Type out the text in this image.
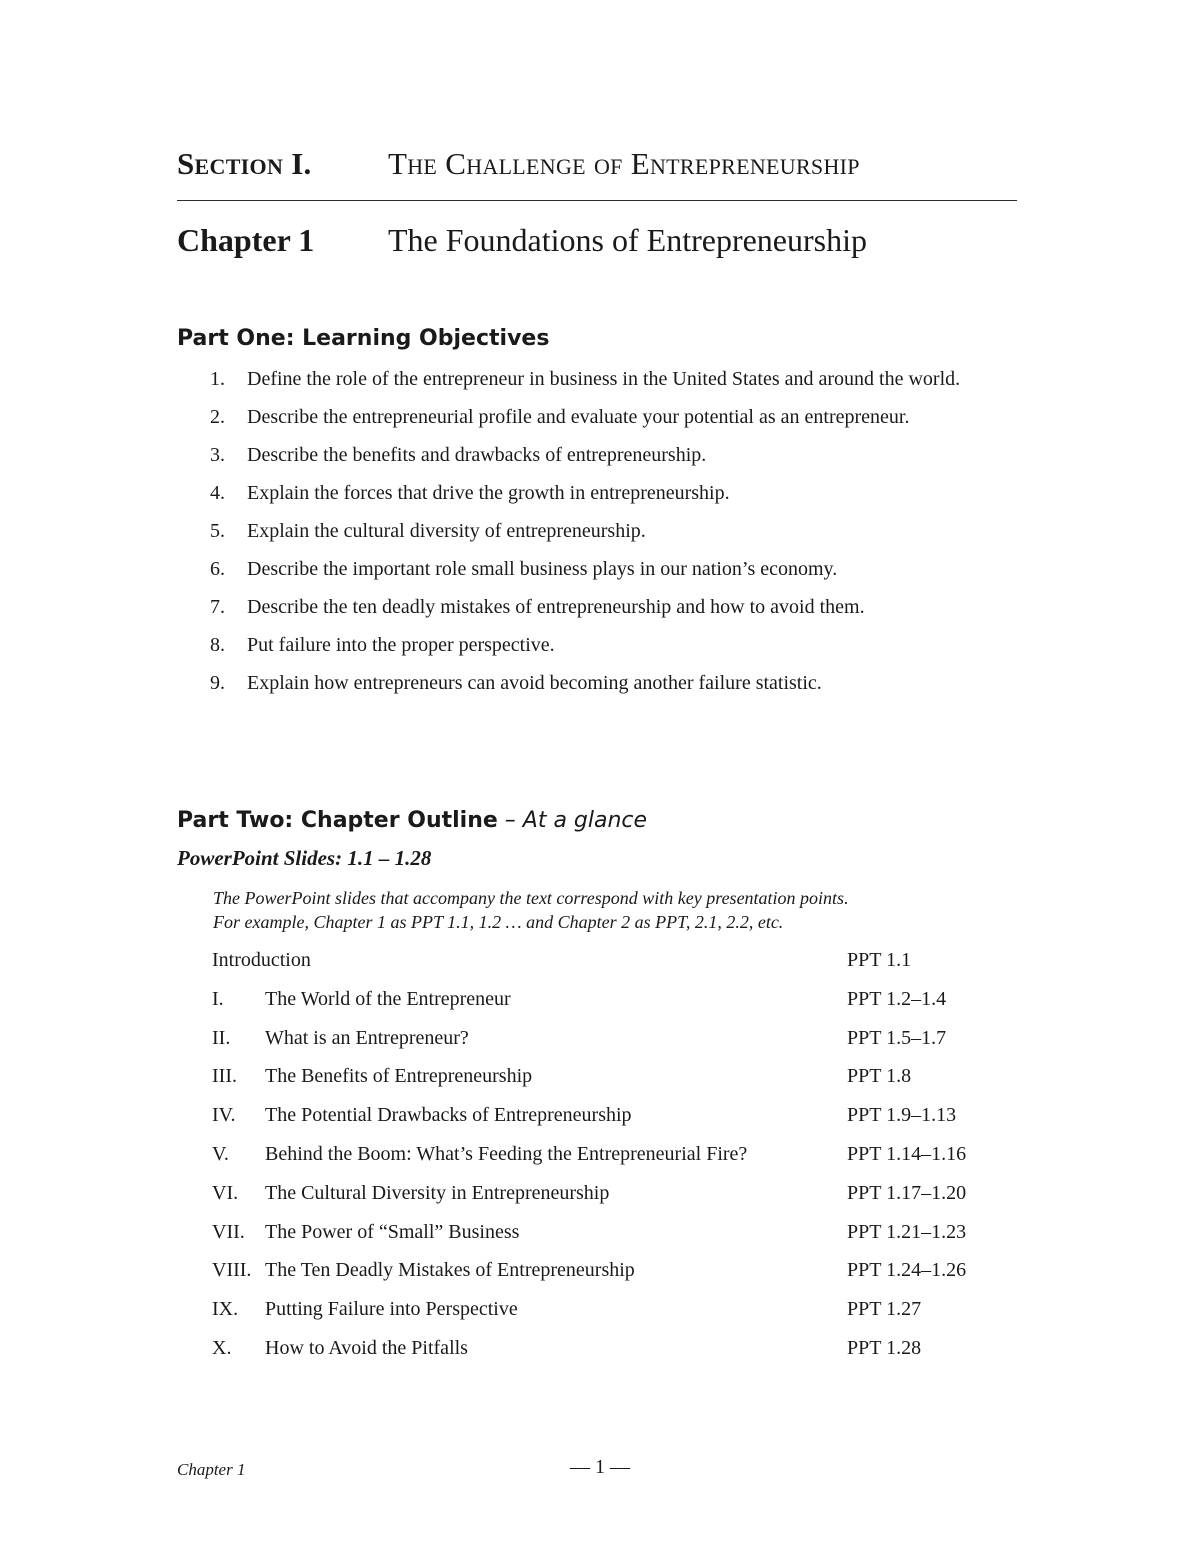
Section I. The Challenge of Entrepreneurship
Chapter 1 The Foundations of Entrepreneurship
Part One: Learning Objectives
1. Define the role of the entrepreneur in business in the United States and around the world.
2. Describe the entrepreneurial profile and evaluate your potential as an entrepreneur.
3. Describe the benefits and drawbacks of entrepreneurship.
4. Explain the forces that drive the growth in entrepreneurship.
5. Explain the cultural diversity of entrepreneurship.
6. Describe the important role small business plays in our nation’s economy.
7. Describe the ten deadly mistakes of entrepreneurship and how to avoid them.
8. Put failure into the proper perspective.
9. Explain how entrepreneurs can avoid becoming another failure statistic.
Part Two: Chapter Outline – At a glance
PowerPoint Slides: 1.1 – 1.28
The PowerPoint slides that accompany the text correspond with key presentation points.
For example, Chapter 1 as PPT 1.1, 1.2 … and Chapter 2 as PPT, 2.1, 2.2, etc.
Introduction	PPT 1.1
I. The World of the Entrepreneur	PPT 1.2–1.4
II. What is an Entrepreneur?	PPT 1.5–1.7
III. The Benefits of Entrepreneurship	PPT 1.8
IV. The Potential Drawbacks of Entrepreneurship	PPT 1.9–1.13
V. Behind the Boom: What’s Feeding the Entrepreneurial Fire?	PPT 1.14–1.16
VI. The Cultural Diversity in Entrepreneurship	PPT 1.17–1.20
VII. The Power of “Small” Business	PPT 1.21–1.23
VIII. The Ten Deadly Mistakes of Entrepreneurship	PPT 1.24–1.26
IX. Putting Failure into Perspective	PPT 1.27
X. How to Avoid the Pitfalls	PPT 1.28
Chapter 1	— 1 —
